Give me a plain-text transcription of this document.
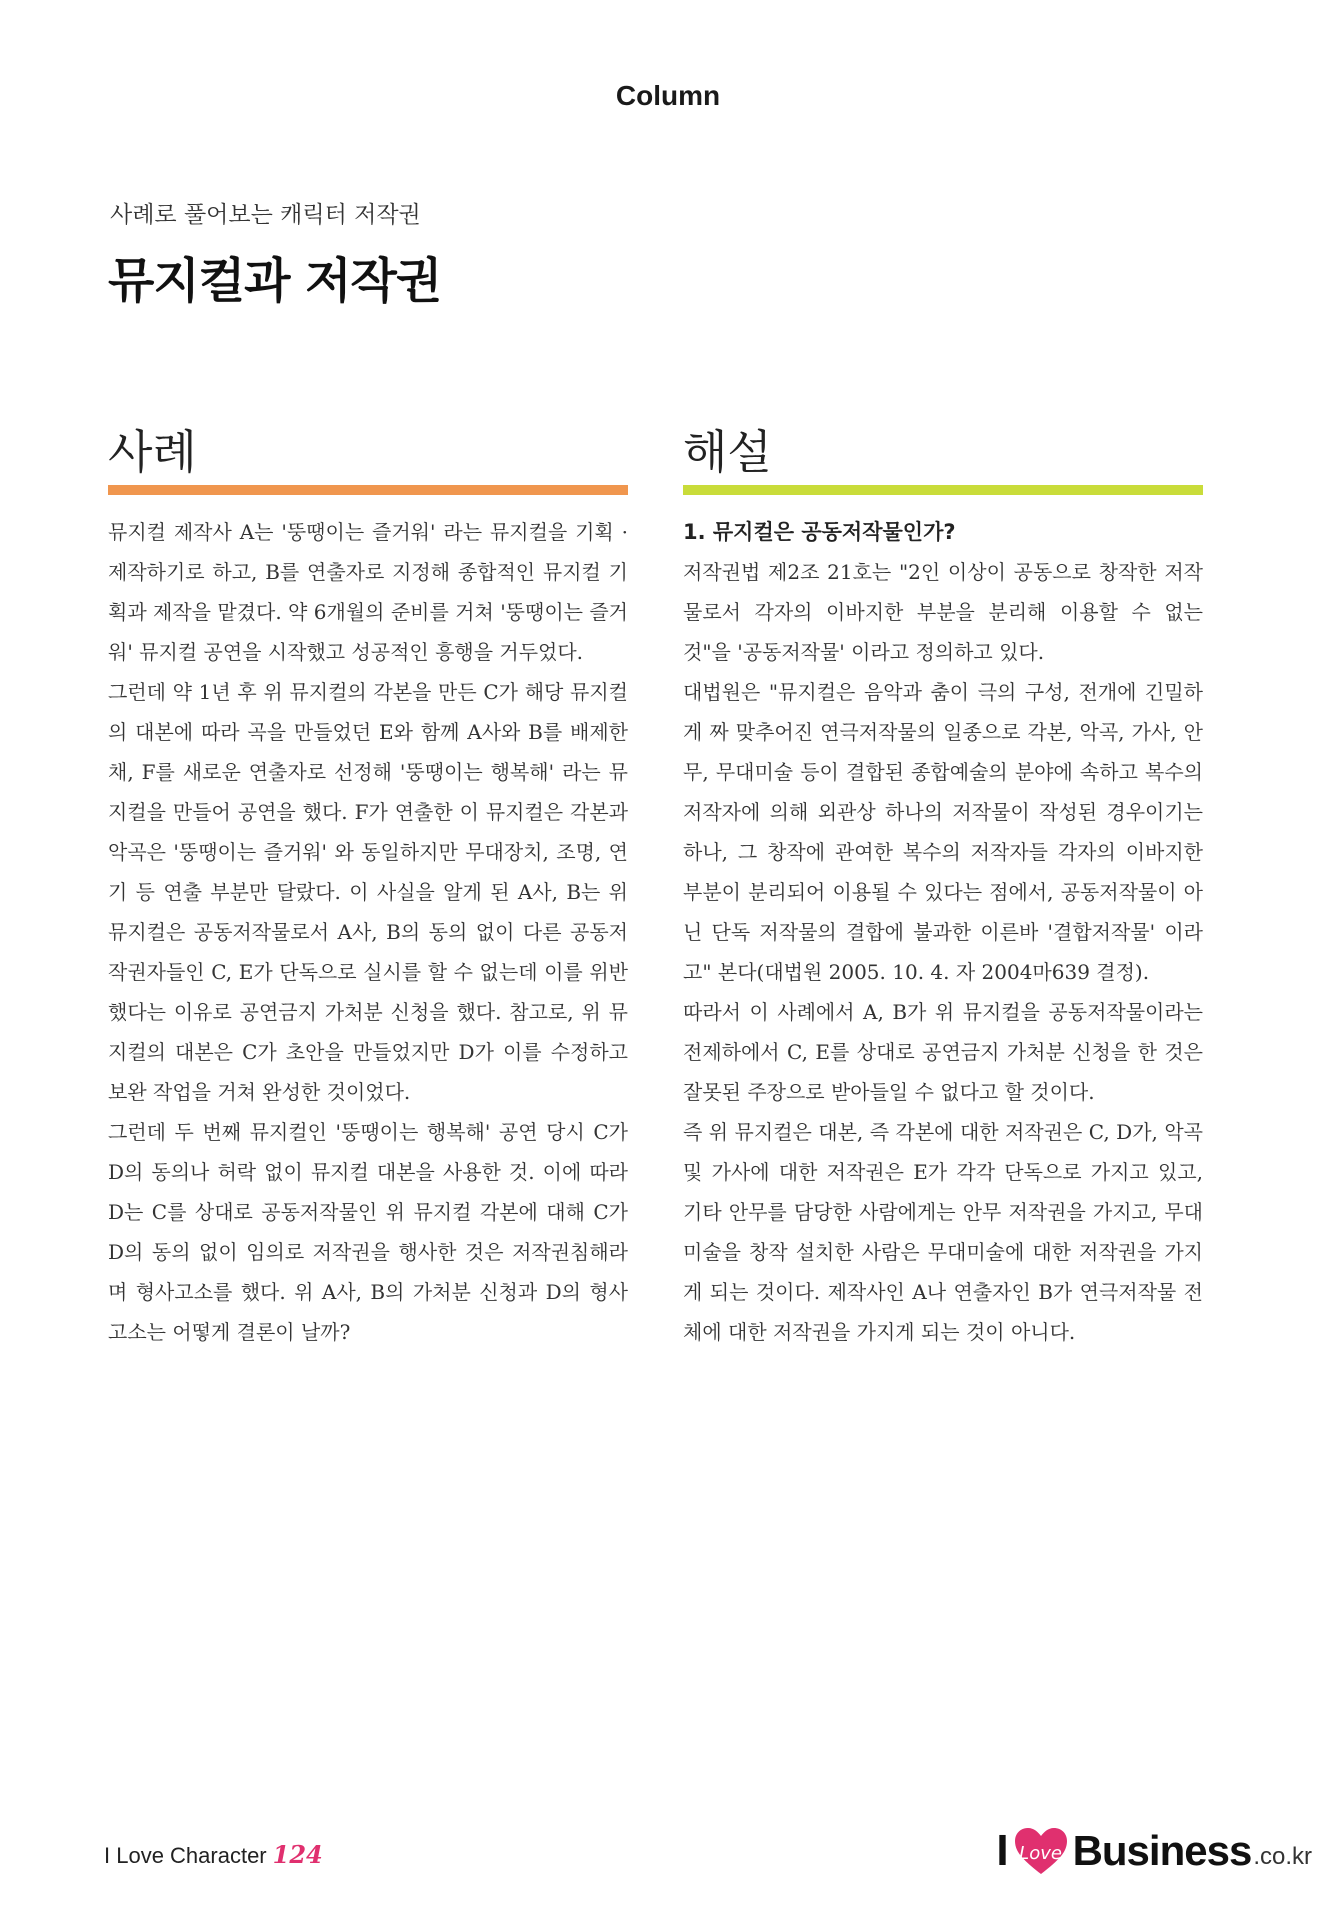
Column
사례로 풀어보는 캐릭터 저작권
뮤지컬과 저작권
사례

뮤지컬 제작사 A는 '뚱땡이는 즐거워' 라는 뮤지컬을 기획 · 제작하기로 하고, B를 연출자로 지정해 종합적인 뮤지컬 기획과 제작을 맡겼다. 약 6개월의 준비를 거쳐 '뚱땡이는 즐거워' 뮤지컬 공연을 시작했고 성공적인 흥행을 거두었다.

그런데 약 1년 후 위 뮤지컬의 각본을 만든 C가 해당 뮤지컬의 대본에 따라 곡을 만들었던 E와 함께 A사와 B를 배제한 채, F를 새로운 연출자로 선정해 '뚱땡이는 행복해' 라는 뮤지컬을 만들어 공연을 했다. F가 연출한 이 뮤지컬은 각본과 악곡은 '뚱땡이는 즐거워' 와 동일하지만 무대장치, 조명, 연기 등 연출 부분만 달랐다. 이 사실을 알게 된 A사, B는 위 뮤지컬은 공동저작물로서 A사, B의 동의 없이 다른 공동저작권자들인 C, E가 단독으로 실시를 할 수 없는데 이를 위반했다는 이유로 공연금지 가처분 신청을 했다. 참고로, 위 뮤지컬의 대본은 C가 초안을 만들었지만 D가 이를 수정하고 보완 작업을 거쳐 완성한 것이었다.

그런데 두 번째 뮤지컬인 '뚱땡이는 행복해' 공연 당시 C가 D의 동의나 허락 없이 뮤지컬 대본을 사용한 것. 이에 따라 D는 C를 상대로 공동저작물인 위 뮤지컬 각본에 대해 C가 D의 동의 없이 임의로 저작권을 행사한 것은 저작권침해라며 형사고소를 했다. 위 A사, B의 가처분 신청과 D의 형사고소는 어떻게 결론이 날까?

해설

1. 뮤지컬은 공동저작물인가?

저작권법 제2조 21호는 "2인 이상이 공동으로 창작한 저작물로서 각자의 이바지한 부분을 분리해 이용할 수 없는 것"을 '공동저작물' 이라고 정의하고 있다.

대법원은 "뮤지컬은 음악과 춤이 극의 구성, 전개에 긴밀하게 짜 맞추어진 연극저작물의 일종으로 각본, 악곡, 가사, 안무, 무대미술 등이 결합된 종합예술의 분야에 속하고 복수의 저작자에 의해 외관상 하나의 저작물이 작성된 경우이기는 하나, 그 창작에 관여한 복수의 저작자들 각자의 이바지한 부분이 분리되어 이용될 수 있다는 점에서, 공동저작물이 아닌 단독 저작물의 결합에 불과한 이른바 '결합저작물' 이라고" 본다(대법원 2005. 10. 4. 자 2004마639 결정).

따라서 이 사례에서 A, B가 위 뮤지컬을 공동저작물이라는 전제하에서 C, E를 상대로 공연금지 가처분 신청을 한 것은 잘못된 주장으로 받아들일 수 없다고 할 것이다.

즉 위 뮤지컬은 대본, 즉 각본에 대한 저작권은 C, D가, 악곡 및 가사에 대한 저작권은 E가 각각 단독으로 가지고 있고, 기타 안무를 담당한 사람에게는 안무 저작권을 가지고, 무대미술을 창작 설치한 사람은 무대미술에 대한 저작권을 가지게 되는 것이다. 제작사인 A나 연출자인 B가 연극저작물 전체에 대한 저작권을 가지게 되는 것이 아니다.

I Love Character 124	I Love Business .co.kr
